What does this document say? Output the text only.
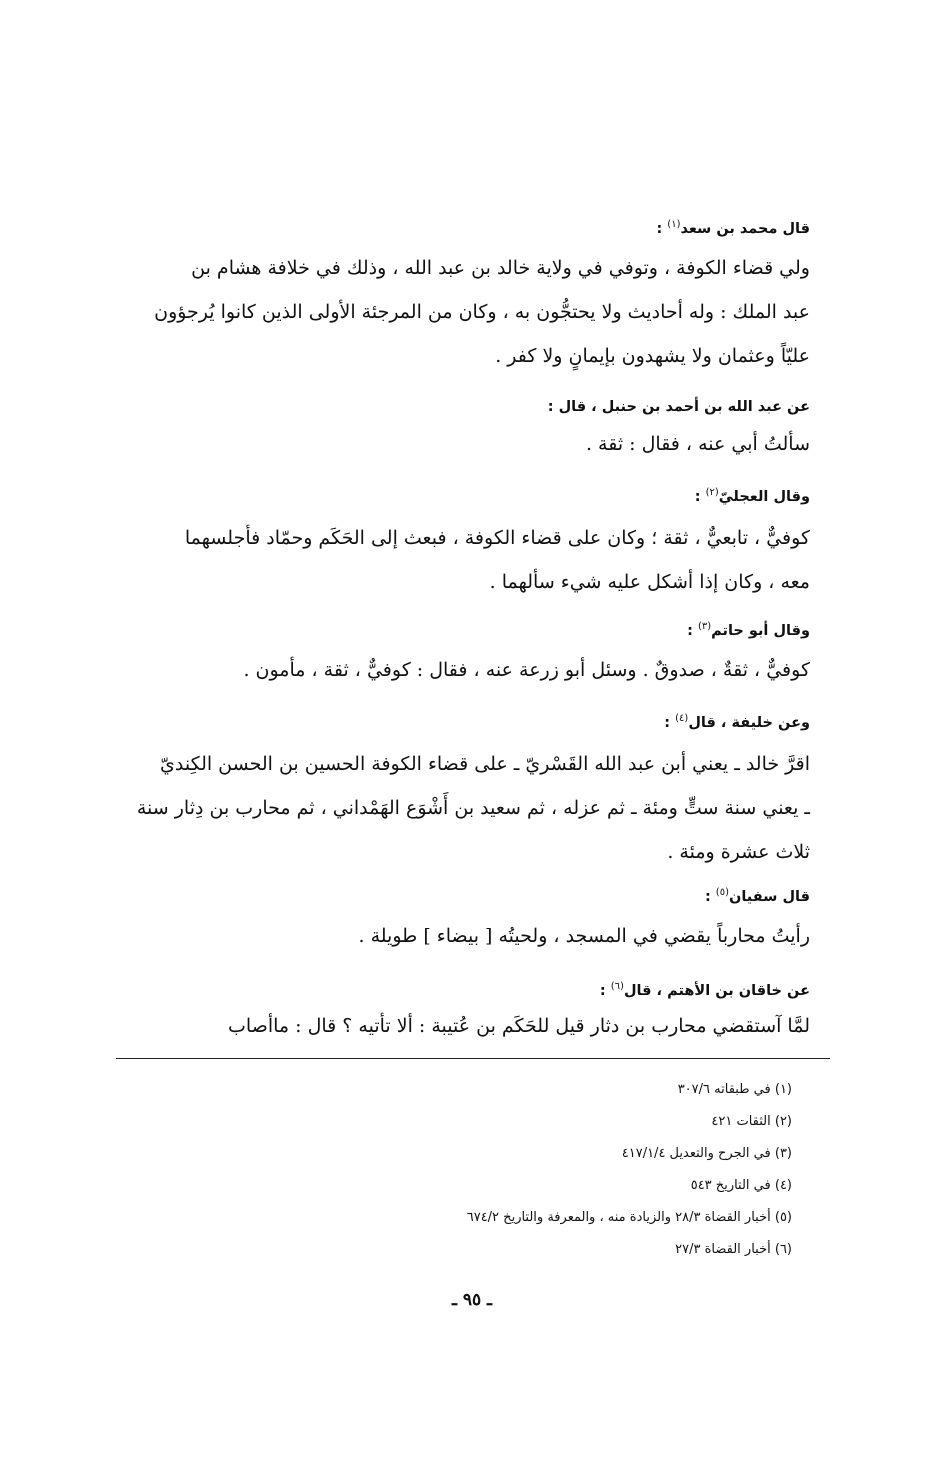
قال محمد بن سعد$^{(١)}$ :

ولي قضاء الكوفة ، وتوفي في ولاية خالد بن عبد الله ، وذلك في خلافة هشام بن
عبد الملك : وله أحاديث ولا يحتجُّون به ، وكان من المرجئة الأولى الذين كانوا يُرجؤون
عليّاً وعثمان ولا يشهدون بإيمانٍ ولا كفر .

عن عبد الله بن أحمد بن حنبل ، قال :

سألتُ أبي عنه ، فقال : ثقة .

وقال العجليّ$^{(٢)}$ :

كوفيٌّ ، تابعيٌّ ، ثقة ؛ وكان على قضاء الكوفة ، فبعث إلى الحَكَم وحمّاد فأجلسهما
معه ، وكان إذا أشكل عليه شيء سألهما .

وقال أبو حاتم$^{(٣)}$ :

كوفيٌّ ، ثقةٌ ، صدوقٌ . وسئل أبو زرعة عنه ، فقال : كوفيٌّ ، ثقة ، مأمون .

وعن خليفة ، قال$^{(٤)}$ :

اقرَّ خالد ـ يعني أبن عبد الله القَسْريّ ـ على قضاء الكوفة الحسين بن الحسن الكِنديّ
ـ يعني سنة ستٍّ ومئة ـ ثم عزله ، ثم سعيد بن أَشْوَع الهَمْداني ، ثم محارب بن دِثار سنة
ثلاث عشرة ومئة .

قال سفيان$^{(٥)}$ :

رأيتُ محارباً يقضي في المسجد ، ولحيتُه [ بيضاء ] طويلة .

عن خاقان بن الأهتم ، قال$^{(٦)}$ :

لمَّا آستقضي محارب بن دثار قيل للحَكَم بن عُتيبة : ألا تأتيه ؟ قال : ماأصاب

(١) في طبقاته ٣٠٧/٦

(٢) الثقات ٤٢١

(٣) في الجرح والتعديل ٤١٧/١/٤

(٤) في التاريخ ٥٤٣

(٥) أخبار القضاة ٢٨/٣ والزيادة منه ، والمعرفة والتاريخ ٦٧٤/٢

(٦) أخبار القضاة ٢٧/٣

ـ ٩٥ ـ
